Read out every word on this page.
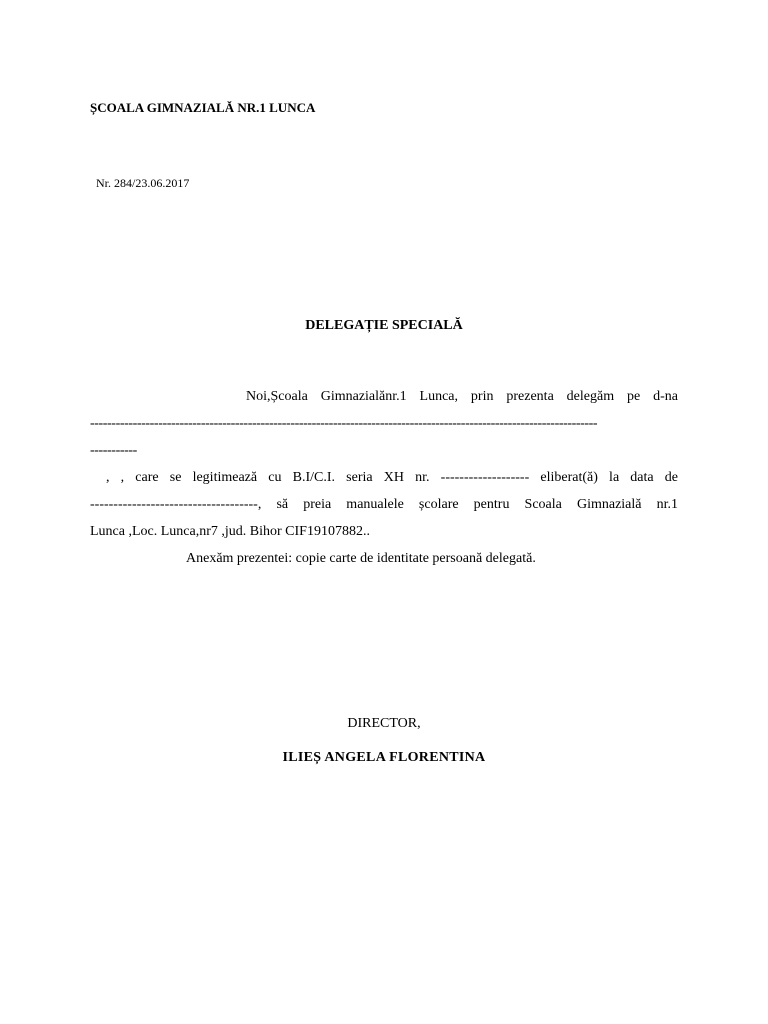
ȘCOALA GIMNAZIALĂ NR.1 LUNCA
Nr. 284/23.06.2017
DELEGAȚIE SPECIALĂ
Noi,Școala Gimnazialănr.1 Lunca, prin prezenta delegăm pe d-na
-----------------------------------------------------------------------------------------------------------------------
-----------
, , care se legitimează cu B.I/C.I. seria XH nr. ------------------- eliberat(ă) la data de
------------------------------------, să preia manualele școlare pentru Scoala Gimnazială nr.1
Lunca ,Loc. Lunca,nr7 ,jud. Bihor CIF19107882..
Anexăm prezentei: copie carte de identitate persoană delegată.
DIRECTOR,
ILIEȘ ANGELA FLORENTINA
